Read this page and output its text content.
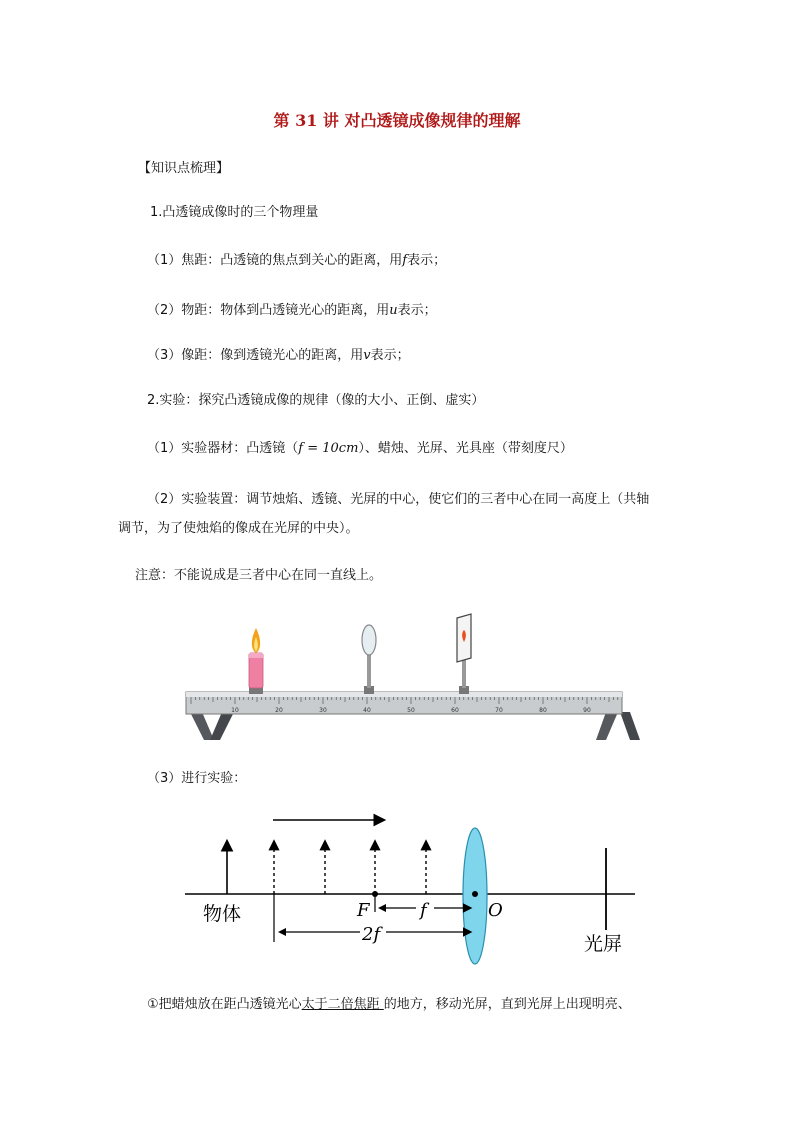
第 31 讲 对凸透镜成像规律的理解
【知识点梳理】
1.凸透镜成像时的三个物理量
（1）焦距：凸透镜的焦点到关心的距离，用f表示；
（2）物距：物体到凸透镜光心的距离，用u表示；
（3）像距：像到透镜光心的距离，用v表示；
2.实验：探究凸透镜成像的规律（像的大小、正倒、虚实）
（1）实验器材：凸透镜（f = 10cm）、蜡烛、光屏、光具座（带刻度尺）
（2）实验装置：调节烛焰、透镜、光屏的中心，使它们的三者中心在同一高度上（共轴
调节，为了使烛焰的像成在光屏的中央）。
注意：不能说成是三者中心在同一直线上。
10	20	30	40	50	60	70	80	90
（3）进行实验：
物体	F	f	O
2f	光屏
①把蜡烛放在距凸透镜光心太于二倍焦距 的地方，移动光屏，直到光屏上出现明亮、
